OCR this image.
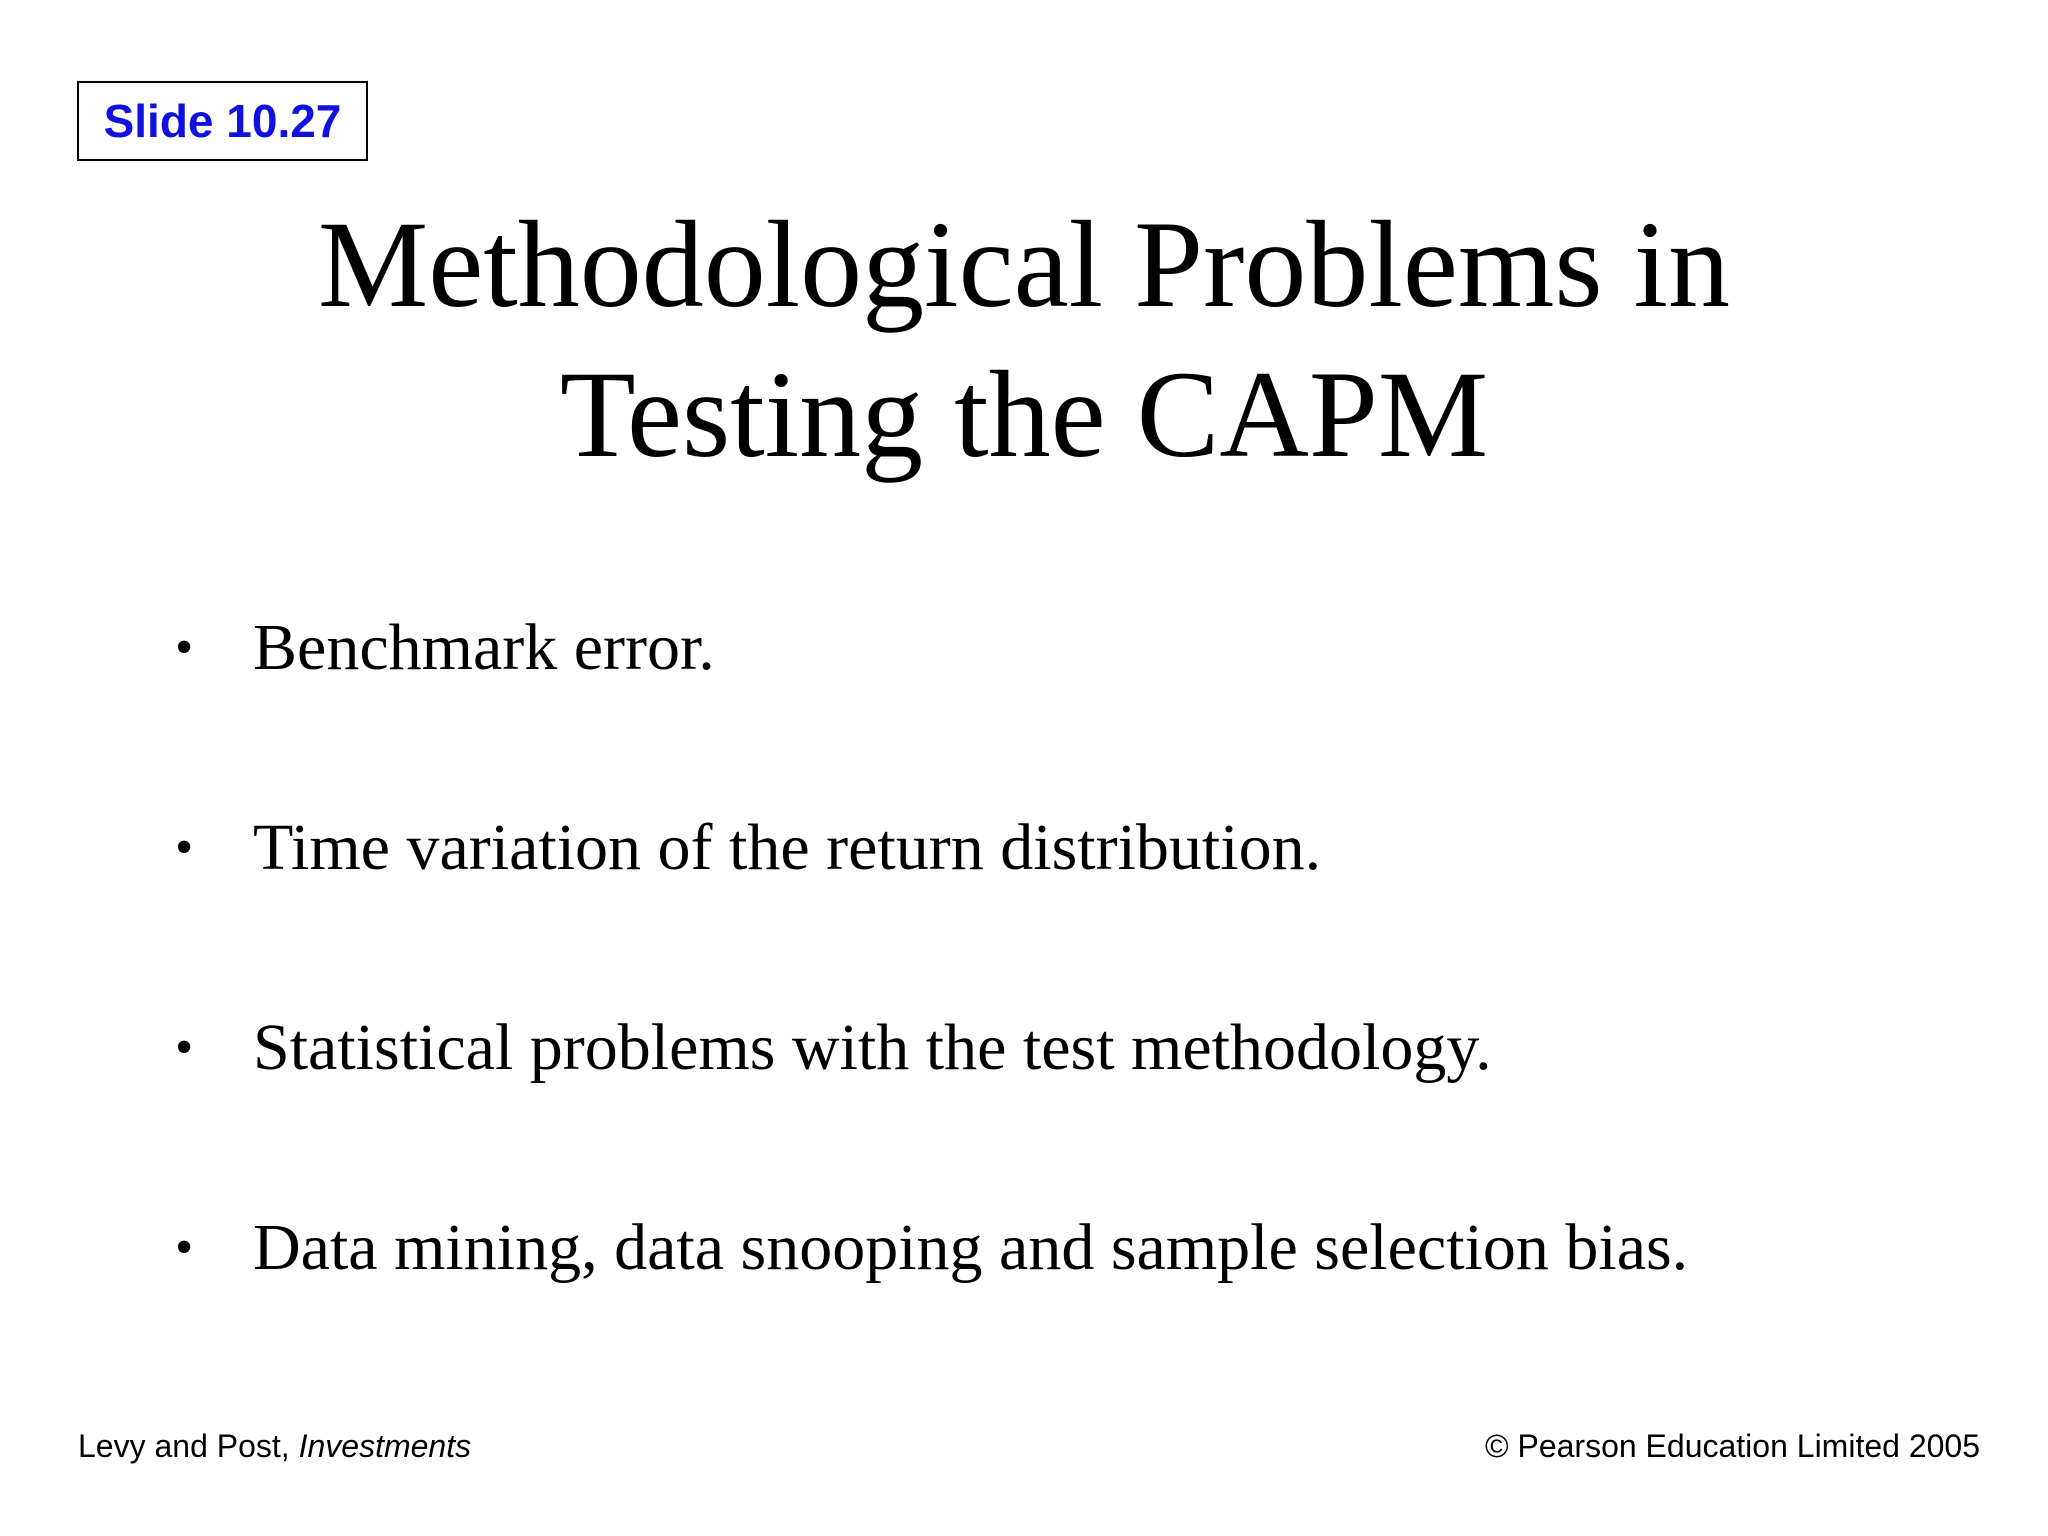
Slide 10.27
Methodological Problems in
Testing the CAPM
• Benchmark error.
• Time variation of the return distribution.
• Statistical problems with the test methodology.
• Data mining, data snooping and sample selection bias.
Levy and Post, Investments	© Pearson Education Limited 2005
